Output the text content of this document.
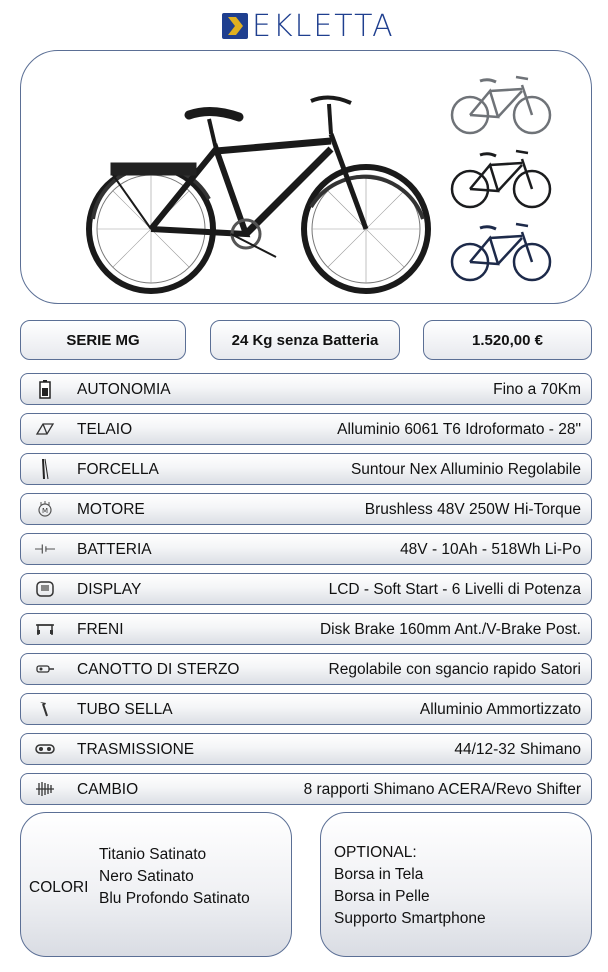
EKLETTA
SERIE MG	24 Kg senza Batteria	1.520,00 €
AUTONOMIA	Fino a 70Km
TELAIO	Alluminio 6061 T6 Idroformato - 28"
FORCELLA	Suntour Nex Alluminio Regolabile
M MOTORE	Brushless 48V 250W Hi-Torque
BATTERIA	48V - 10Ah - 518Wh Li-Po
DISPLAY	LCD - Soft Start - 6 Livelli di Potenza
FRENI	Disk Brake 160mm Ant./V-Brake Post.
CANOTTO DI STERZO	Regolabile con sgancio rapido Satori
TUBO SELLA	Alluminio Ammortizzato
TRASMISSIONE	44/12-32 Shimano
CAMBIO	8 rapporti Shimano ACERA/Revo Shifter
COLORI
Titanio Satinato
Nero Satinato
Blu Profondo Satinato
OPTIONAL:
Borsa in Tela
Borsa in Pelle
Supporto Smartphone
